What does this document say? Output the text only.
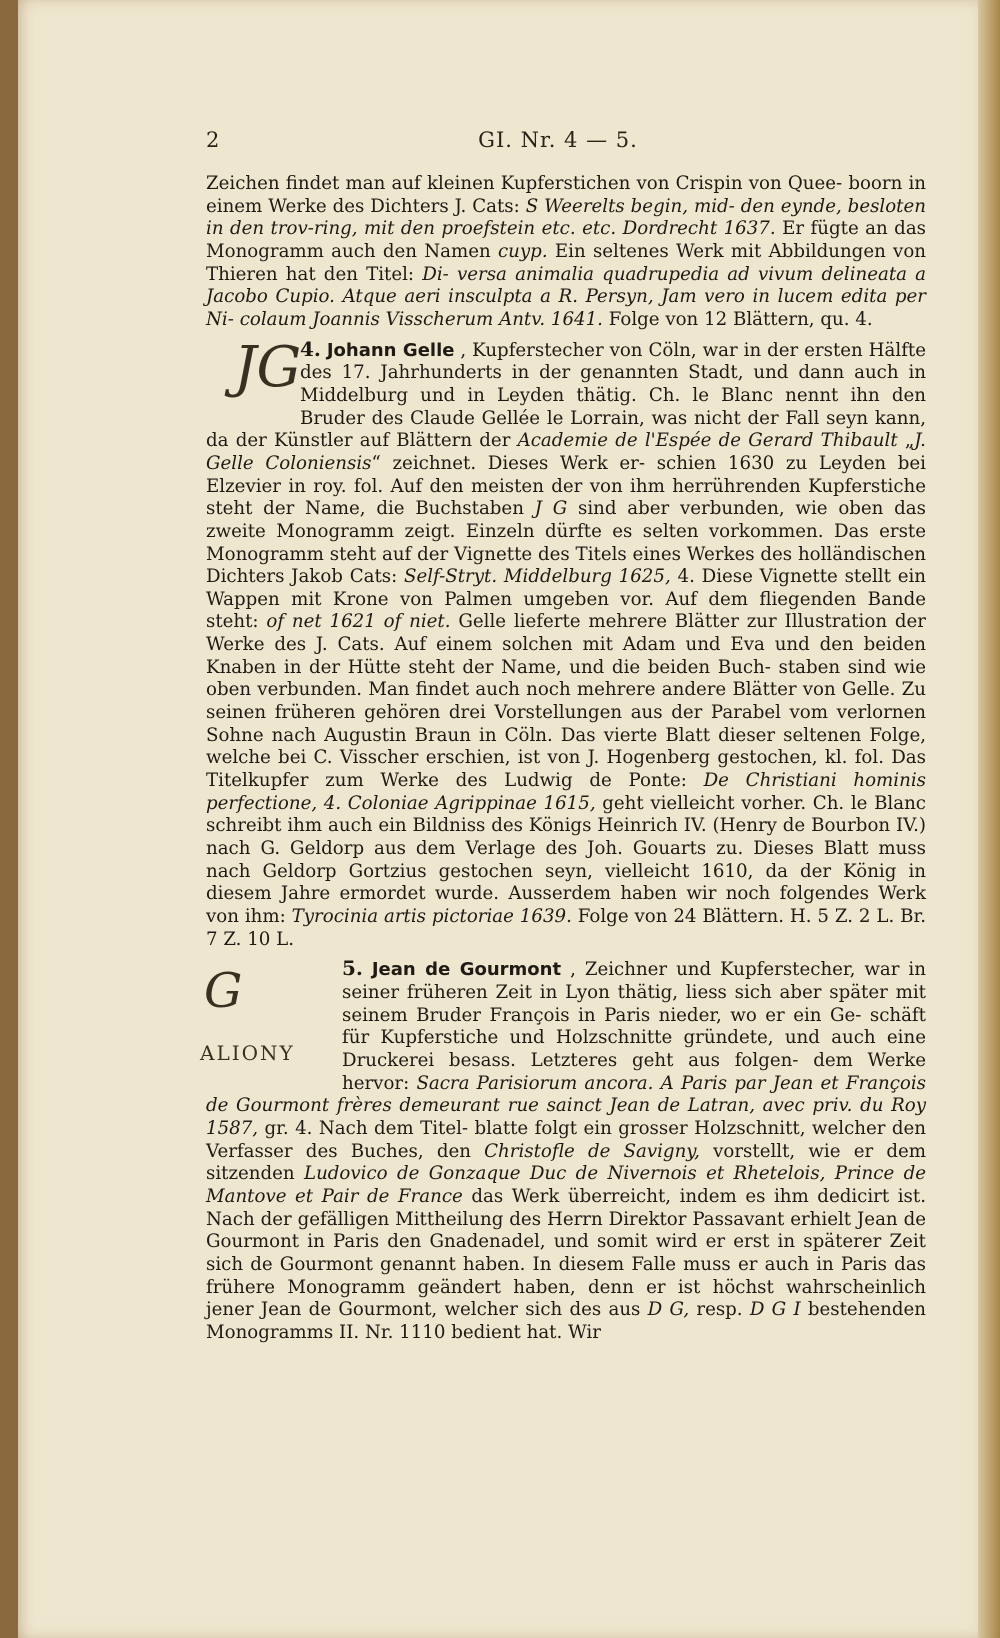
2	GI. Nr. 4 — 5.

Zeichen findet man auf kleinen Kupferstichen von Crispin von Quee- boorn in einem Werke des Dichters J. Cats: S Weerelts begin, mid- den eynde, besloten in den trov-ring, mit den proefstein etc. etc. Dordrecht 1637. Er fügte an das Monogramm auch den Namen cuyp. Ein seltenes Werk mit Abbildungen von Thieren hat den Titel: Di- versa animalia quadrupedia ad vivum delineata a Jacobo Cupio. Atque aeri insculpta a R. Persyn, Jam vero in lucem edita per Ni- colaum Joannis Visscherum Antv. 1641. Folge von 12 Blättern, qu. 4.

4.
JG Johann Gelle , Kupferstecher von Cöln, war in der ersten Hälfte des 17. Jahrhunderts in der genannten Stadt, und dann auch in Middelburg und in Leyden thätig. Ch. le Blanc nennt ihn den Bruder des Claude Gellée le Lorrain, was nicht der Fall seyn kann, da der Künstler auf Blättern der Academie de l'Espée de Gerard Thibault „J. Gelle Coloniensis“ zeichnet. Dieses Werk er- schien 1630 zu Leyden bei Elzevier in roy. fol. Auf den meisten der von ihm herrührenden Kupferstiche steht der Name, die Buchstaben J G sind aber verbunden, wie oben das zweite Monogramm zeigt. Einzeln dürfte es selten vorkommen. Das erste Monogramm steht auf der Vignette des Titels eines Werkes des holländischen Dichters Jakob Cats: Self-Stryt. Middelburg 1625, 4. Diese Vignette stellt ein Wappen mit Krone von Palmen umgeben vor. Auf dem fliegenden Bande steht: of net 1621 of niet. Gelle lieferte mehrere Blätter zur Illustration der Werke des J. Cats. Auf einem solchen mit Adam und Eva und den beiden Knaben in der Hütte steht der Name, und die beiden Buch- staben sind wie oben verbunden. Man findet auch noch mehrere andere Blätter von Gelle. Zu seinen früheren gehören drei Vorstellungen aus der Parabel vom verlornen Sohne nach Augustin Braun in Cöln. Das vierte Blatt dieser seltenen Folge, welche bei C. Visscher erschien, ist von J. Hogenberg gestochen, kl. fol. Das Titelkupfer zum Werke des Ludwig de Ponte: De Christiani hominis perfectione, 4. Coloniae Agrippinae 1615, geht vielleicht vorher. Ch. le Blanc schreibt ihm auch ein Bildniss des Königs Heinrich IV. (Henry de Bourbon IV.) nach G. Geldorp aus dem Verlage des Joh. Gouarts zu. Dieses Blatt muss nach Geldorp Gortzius gestochen seyn, vielleicht 1610, da der König in diesem Jahre ermordet wurde. Ausserdem haben wir noch folgendes Werk von ihm: Tyrocinia artis pictoriae 1639. Folge von 24 Blättern. H. 5 Z. 2 L. Br. 7 Z. 10 L.

5. Jean de Gourmont
G
ALIONY
, Zeichner und Kupferstecher, war in seiner früheren Zeit in Lyon thätig, liess sich aber später mit seinem Bruder François in Paris nieder, wo er ein Ge- schäft für Kupferstiche und Holzschnitte gründete, und auch eine Druckerei besass. Letzteres geht aus folgen- dem Werke hervor: Sacra Parisiorum ancora. A Paris par Jean et François de Gourmont frères demeurant rue sainct Jean de Latran, avec priv. du Roy 1587, gr. 4. Nach dem Titel- blatte folgt ein grosser Holzschnitt, welcher den Verfasser des Buches, den Christofle de Savigny, vorstellt, wie er dem sitzenden Ludovico de Gonzaque Duc de Nivernois et Rhetelois, Prince de Mantove et Pair de France das Werk überreicht, indem es ihm dedicirt ist. Nach der gefälligen Mittheilung des Herrn Direktor Passavant erhielt Jean de Gourmont in Paris den Gnadenadel, und somit wird er erst in späterer Zeit sich de Gourmont genannt haben. In diesem Falle muss er auch in Paris das frühere Monogramm geändert haben, denn er ist höchst wahrscheinlich jener Jean de Gourmont, welcher sich des aus D G, resp. D G I bestehenden Monogramms II. Nr. 1110 bedient hat. Wir
